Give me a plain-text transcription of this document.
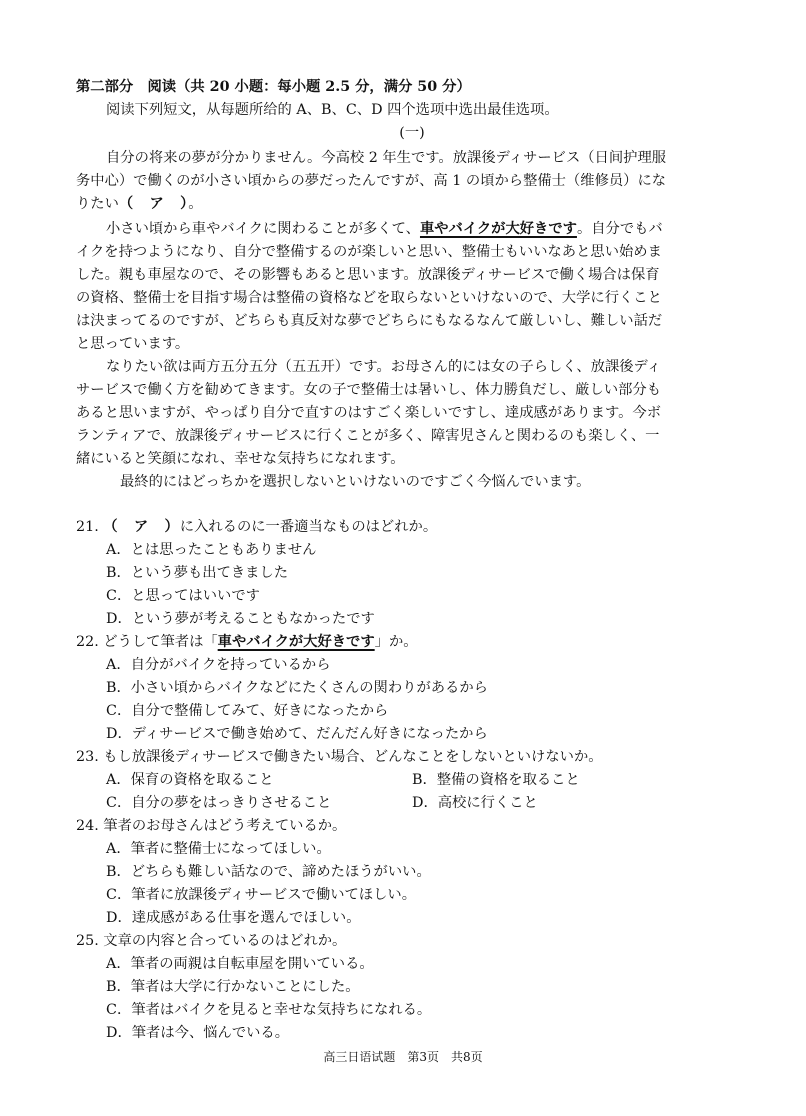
第二部分　阅读（共 20 小题：每小题 2.5 分，满分 50 分）
阅读下列短文，从每题所给的 A、B、C、D 四个选项中选出最佳选项。
(一)
自分の将来の夢が分かりません。今高校 2 年生です。放課後ディサービス（日间护理服
务中心）で働くのが小さい頃からの夢だったんですが、高 1 の頃から整備士（维修员）にな
りたい（　ア　）。
小さい頃から車やバイクに関わることが多くて、車やバイクが大好きです。自分でもバ
イクを持つようになり、自分で整備するのが楽しいと思い、整備士もいいなあと思い始めま
した。親も車屋なので、その影響もあると思います。放課後ディサービスで働く場合は保育
の資格、整備士を目指す場合は整備の資格などを取らないといけないので、大学に行くこと
は決まってるのですが、どちらも真反対な夢でどちらにもなるなんて厳しいし、難しい話だ
と思っています。
なりたい欲は両方五分五分（五五开）です。お母さん的には女の子らしく、放課後ディ
サービスで働く方を勧めてきます。女の子で整備士は暑いし、体力勝負だし、厳しい部分も
あると思いますが、やっぱり自分で直すのはすごく楽しいですし、達成感があります。今ボ
ランティアで、放課後ディサービスに行くことが多く、障害児さんと関わるのも楽しく、一
緒にいると笑顔になれ、幸せな気持ちになれます。
最終的にはどっちかを選択しないといけないのですごく今悩んでいます。
21. （　ア　）に入れるのに一番適当なものはどれか。
A．とは思ったこともありません
B．という夢も出てきました
C．と思ってはいいです
D．という夢が考えることもなかったです
22. どうして筆者は「車やバイクが大好きです」か。
A．自分がバイクを持っているから
B．小さい頃からバイクなどにたくさんの関わりがあるから
C．自分で整備してみて、好きになったから
D．ディサービスで働き始めて、だんだん好きになったから
23. もし放課後ディサービスで働きたい場合、どんなことをしないといけないか。
A．保育の資格を取ること	B．整備の資格を取ること
C．自分の夢をはっきりさせること	D．高校に行くこと
24. 筆者のお母さんはどう考えているか。
A．筆者に整備士になってほしい。
B．どちらも難しい話なので、諦めたほうがいい。
C．筆者に放課後ディサービスで働いてほしい。
D．達成感がある仕事を選んでほしい。
25. 文章の内容と合っているのはどれか。
A．筆者の両親は自転車屋を開いている。
B．筆者は大学に行かないことにした。
C．筆者はバイクを見ると幸せな気持ちになれる。
D．筆者は今、悩んでいる。
高三日语试题　第3页　共8页
